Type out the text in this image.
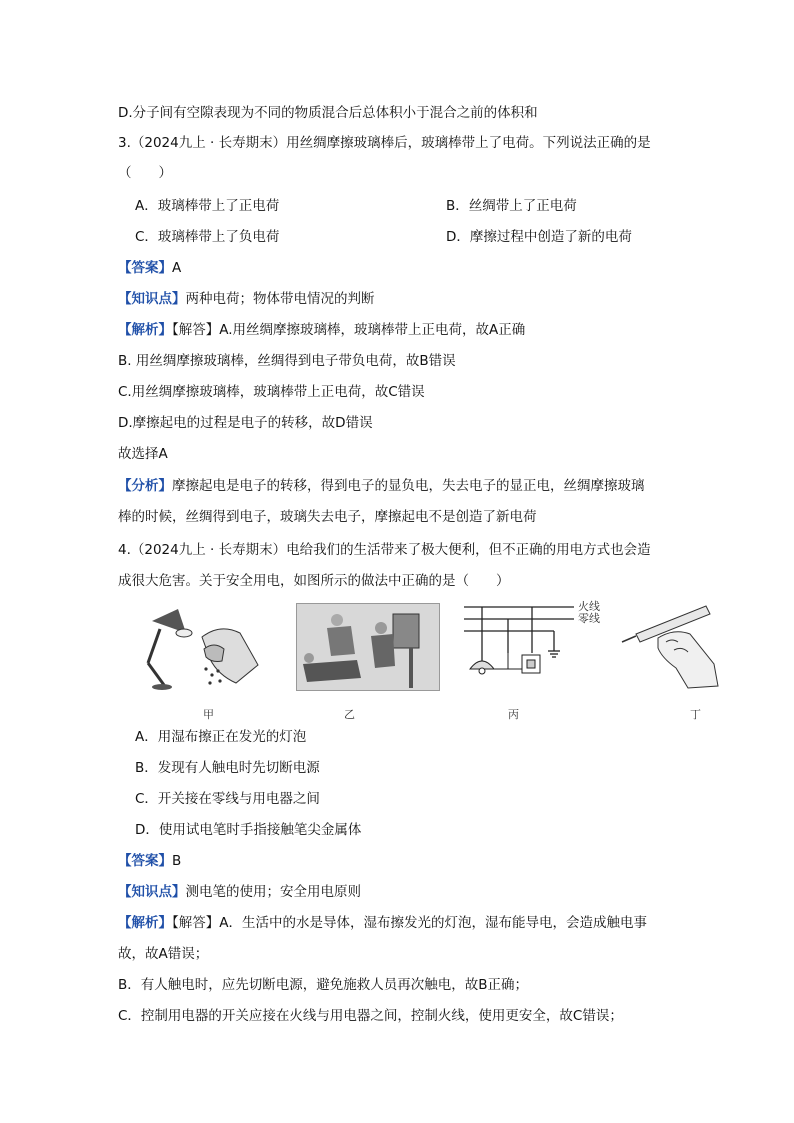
D.分子间有空隙表现为不同的物质混合后总体积小于混合之前的体积和
3.（2024九上 · 长寿期末）用丝绸摩擦玻璃棒后，玻璃棒带上了电荷。下列说法正确的是
（　　）
A．玻璃棒带上了正电荷	B．丝绸带上了正电荷
C．玻璃棒带上了负电荷	D．摩擦过程中创造了新的电荷
【答案】A
【知识点】两种电荷；物体带电情况的判断
【解析】【解答】A.用丝绸摩擦玻璃棒，玻璃棒带上正电荷，故A正确
B. 用丝绸摩擦玻璃棒，丝绸得到电子带负电荷，故B错误
C.用丝绸摩擦玻璃棒，玻璃棒带上正电荷，故C错误
D.摩擦起电的过程是电子的转移，故D错误
故选择A
【分析】摩擦起电是电子的转移，得到电子的显负电，失去电子的显正电，丝绸摩擦玻璃
棒的时候，丝绸得到电子，玻璃失去电子，摩擦起电不是创造了新电荷
4.（2024九上 · 长寿期末）电给我们的生活带来了极大便利，但不正确的用电方式也会造
成很大危害。关于安全用电，如图所示的做法中正确的是（　　）
火线
零线
甲	乙	丙	丁
A．用湿布擦正在发光的灯泡
B．发现有人触电时先切断电源
C．开关接在零线与用电器之间
D．使用试电笔时手指接触笔尖金属体
【答案】B
【知识点】测电笔的使用；安全用电原则
【解析】【解答】A．生活中的水是导体，湿布擦发光的灯泡，湿布能导电，会造成触电事
故，故A错误；
B．有人触电时，应先切断电源，避免施救人员再次触电，故B正确；
C．控制用电器的开关应接在火线与用电器之间，控制火线，使用更安全，故C错误；
